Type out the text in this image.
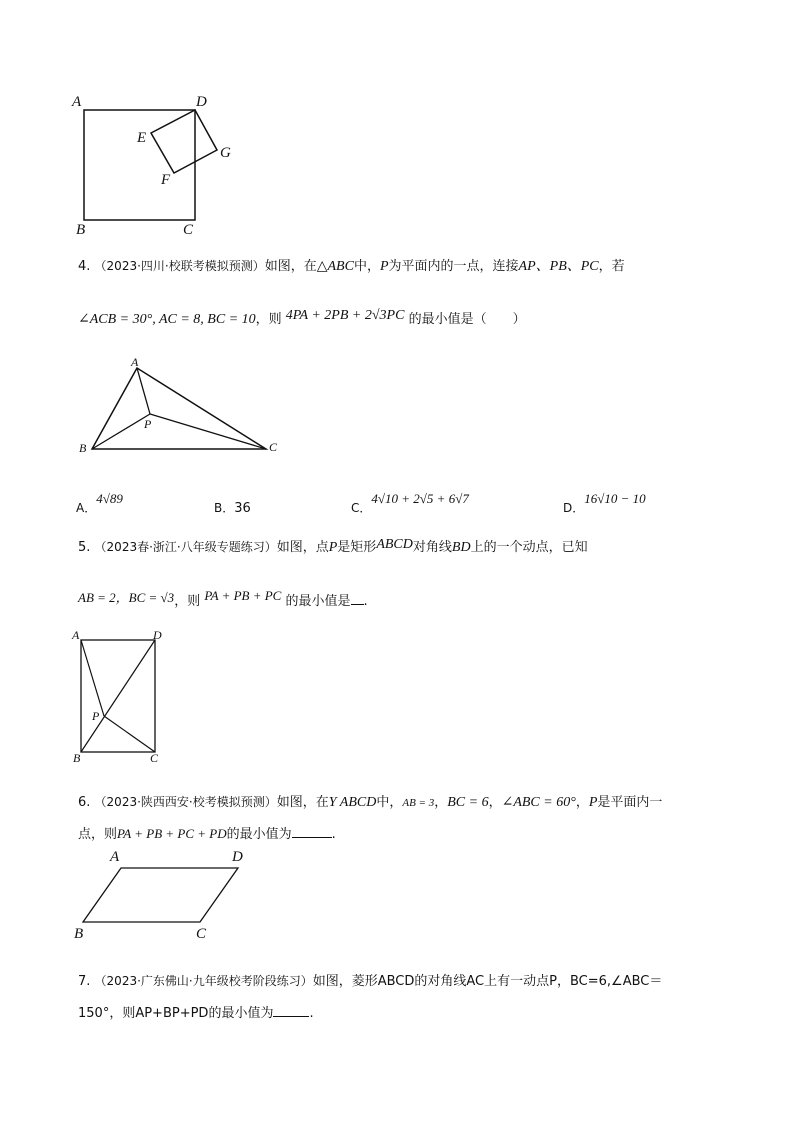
A	D
E
G
F
B	C
4. （2023·四川·校联考模拟预测）如图，在△ABC中，P为平面内的一点，连接AP、PB、PC，若
∠ACB = 30°, AC = 8, BC = 10，则 4PA + 2PB + 2√3PC 的最小值是（　　）
A
P
B	C
A．4√89
B．36	C．4√10 + 2√5 + 6√7
D．16√10 − 10
5. （2023春·浙江·八年级专题练习）如图，点P是矩形ABCD对角线BD上的一个动点，已知
AB = 2，BC = √3，则 PA + PB + PC 的最小值是 .
A	D
P
B	C
6. （2023·陕西西安·校考模拟预测）如图，在Y ABCD中，AB = 3，BC = 6，∠ABC = 60°，P是平面内一
点，则PA + PB + PC + PD的最小值为	.
A	D
B	C
7. （2023·广东佛山·九年级校考阶段练习）如图，菱形ABCD的对角线AC上有一动点P，BC=6,∠ABC＝
150°，则AP+BP+PD的最小值为	.
